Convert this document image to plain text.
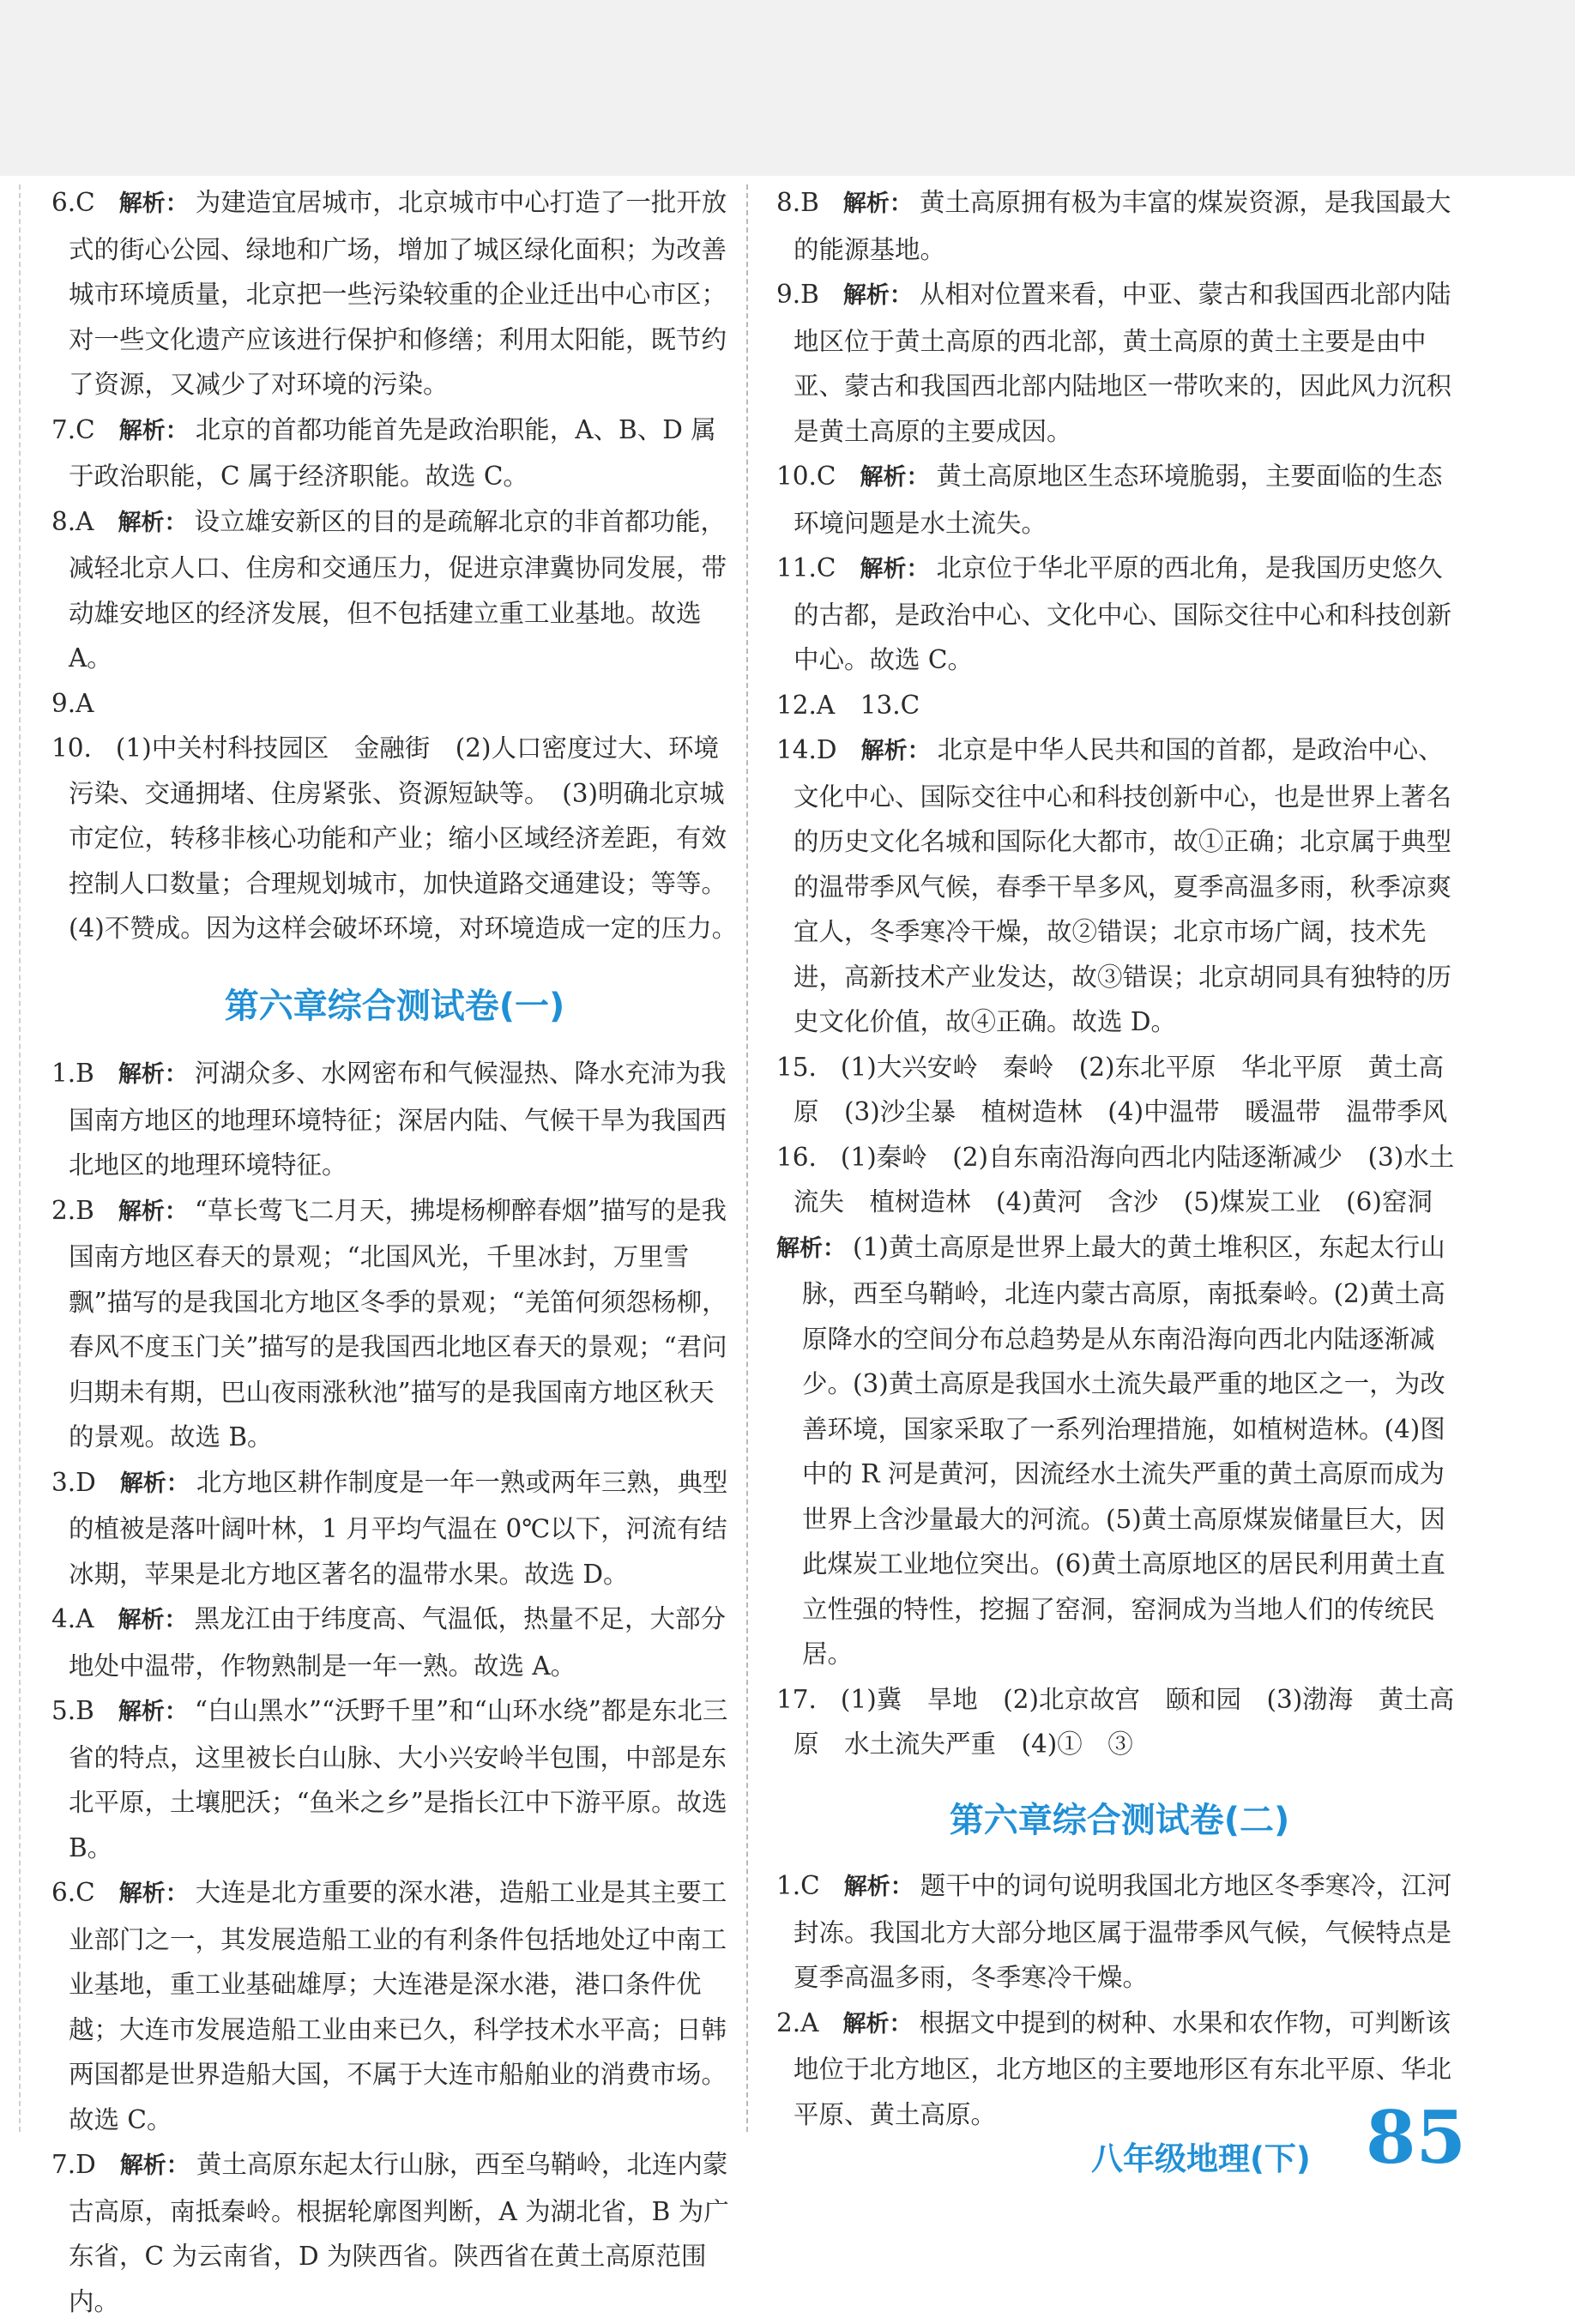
6.C 解析： 为建造宜居城市，北京城市中心打造了一批开放式的街心公园、绿地和广场，增加了城区绿化面积；为改善城市环境质量，北京把一些污染较重的企业迁出中心市区；对一些文化遗产应该进行保护和修缮；利用太阳能，既节约了资源，又减少了对环境的污染。

7.C 解析： 北京的首都功能首先是政治职能，A、B、D 属于政治职能，C 属于经济职能。故选 C。

8.A 解析： 设立雄安新区的目的是疏解北京的非首都功能，减轻北京人口、住房和交通压力，促进京津冀协同发展，带动雄安地区的经济发展，但不包括建立重工业基地。故选 A。

9.A

10. (1)中关村科技园区　金融街　(2)人口密度过大、环境污染、交通拥堵、住房紧张、资源短缺等。　(3)明确北京城市定位，转移非核心功能和产业；缩小区域经济差距，有效控制人口数量；合理规划城市，加快道路交通建设；等等。　(4)不赞成。因为这样会破坏环境，对环境造成一定的压力。

第六章综合测试卷(一)

1.B 解析： 河湖众多、水网密布和气候湿热、降水充沛为我国南方地区的地理环境特征；深居内陆、气候干旱为我国西北地区的地理环境特征。

2.B 解析： “草长莺飞二月天，拂堤杨柳醉春烟”描写的是我国南方地区春天的景观；“北国风光，千里冰封，万里雪飘”描写的是我国北方地区冬季的景观；“羌笛何须怨杨柳，春风不度玉门关”描写的是我国西北地区春天的景观；“君问归期未有期，巴山夜雨涨秋池”描写的是我国南方地区秋天的景观。故选 B。

3.D 解析： 北方地区耕作制度是一年一熟或两年三熟，典型的植被是落叶阔叶林，1 月平均气温在 0℃以下，河流有结冰期，苹果是北方地区著名的温带水果。故选 D。

4.A 解析： 黑龙江由于纬度高、气温低，热量不足，大部分地处中温带，作物熟制是一年一熟。故选 A。

5.B 解析： “白山黑水”“沃野千里”和“山环水绕”都是东北三省的特点，这里被长白山脉、大小兴安岭半包围，中部是东北平原，土壤肥沃；“鱼米之乡”是指长江中下游平原。故选 B。

6.C 解析： 大连是北方重要的深水港，造船工业是其主要工业部门之一，其发展造船工业的有利条件包括地处辽中南工业基地，重工业基础雄厚；大连港是深水港，港口条件优越；大连市发展造船工业由来已久，科学技术水平高；日韩两国都是世界造船大国，不属于大连市船舶业的消费市场。故选 C。

7.D 解析： 黄土高原东起太行山脉，西至乌鞘岭，北连内蒙古高原，南抵秦岭。根据轮廓图判断，A 为湖北省，B 为广东省，C 为云南省，D 为陕西省。陕西省在黄土高原范围内。

8.B 解析： 黄土高原拥有极为丰富的煤炭资源，是我国最大的能源基地。

9.B 解析： 从相对位置来看，中亚、蒙古和我国西北部内陆地区位于黄土高原的西北部，黄土高原的黄土主要是由中亚、蒙古和我国西北部内陆地区一带吹来的，因此风力沉积是黄土高原的主要成因。

10.C 解析： 黄土高原地区生态环境脆弱，主要面临的生态环境问题是水土流失。

11.C 解析： 北京位于华北平原的西北角，是我国历史悠久的古都，是政治中心、文化中心、国际交往中心和科技创新中心。故选 C。

12.A　13.C

14.D 解析： 北京是中华人民共和国的首都，是政治中心、文化中心、国际交往中心和科技创新中心，也是世界上著名的历史文化名城和国际化大都市，故①正确；北京属于典型的温带季风气候，春季干旱多风，夏季高温多雨，秋季凉爽宜人，冬季寒冷干燥，故②错误；北京市场广阔，技术先进，高新技术产业发达，故③错误；北京胡同具有独特的历史文化价值，故④正确。故选 D。

15. (1)大兴安岭　秦岭　(2)东北平原　华北平原　黄土高原　(3)沙尘暴　植树造林　(4)中温带　暖温带　温带季风

16. (1)秦岭　(2)自东南沿海向西北内陆逐渐减少　(3)水土流失　植树造林　(4)黄河　含沙　(5)煤炭工业　(6)窑洞

解析： (1)黄土高原是世界上最大的黄土堆积区，东起太行山脉，西至乌鞘岭，北连内蒙古高原，南抵秦岭。(2)黄土高原降水的空间分布总趋势是从东南沿海向西北内陆逐渐减少。(3)黄土高原是我国水土流失最严重的地区之一，为改善环境，国家采取了一系列治理措施，如植树造林。(4)图中的 R 河是黄河，因流经水土流失严重的黄土高原而成为世界上含沙量最大的河流。(5)黄土高原煤炭储量巨大，因此煤炭工业地位突出。(6)黄土高原地区的居民利用黄土直立性强的特性，挖掘了窑洞，窑洞成为当地人们的传统民居。

17. (1)冀　旱地　(2)北京故宫　颐和园　(3)渤海　黄土高原　水土流失严重　(4)①　③

第六章综合测试卷(二)

1.C 解析： 题干中的词句说明我国北方地区冬季寒冷，江河封冻。我国北方大部分地区属于温带季风气候，气候特点是夏季高温多雨，冬季寒冷干燥。

2.A 解析： 根据文中提到的树种、水果和农作物，可判断该地位于北方地区，北方地区的主要地形区有东北平原、华北平原、黄土高原。

八年级地理(下) 85
